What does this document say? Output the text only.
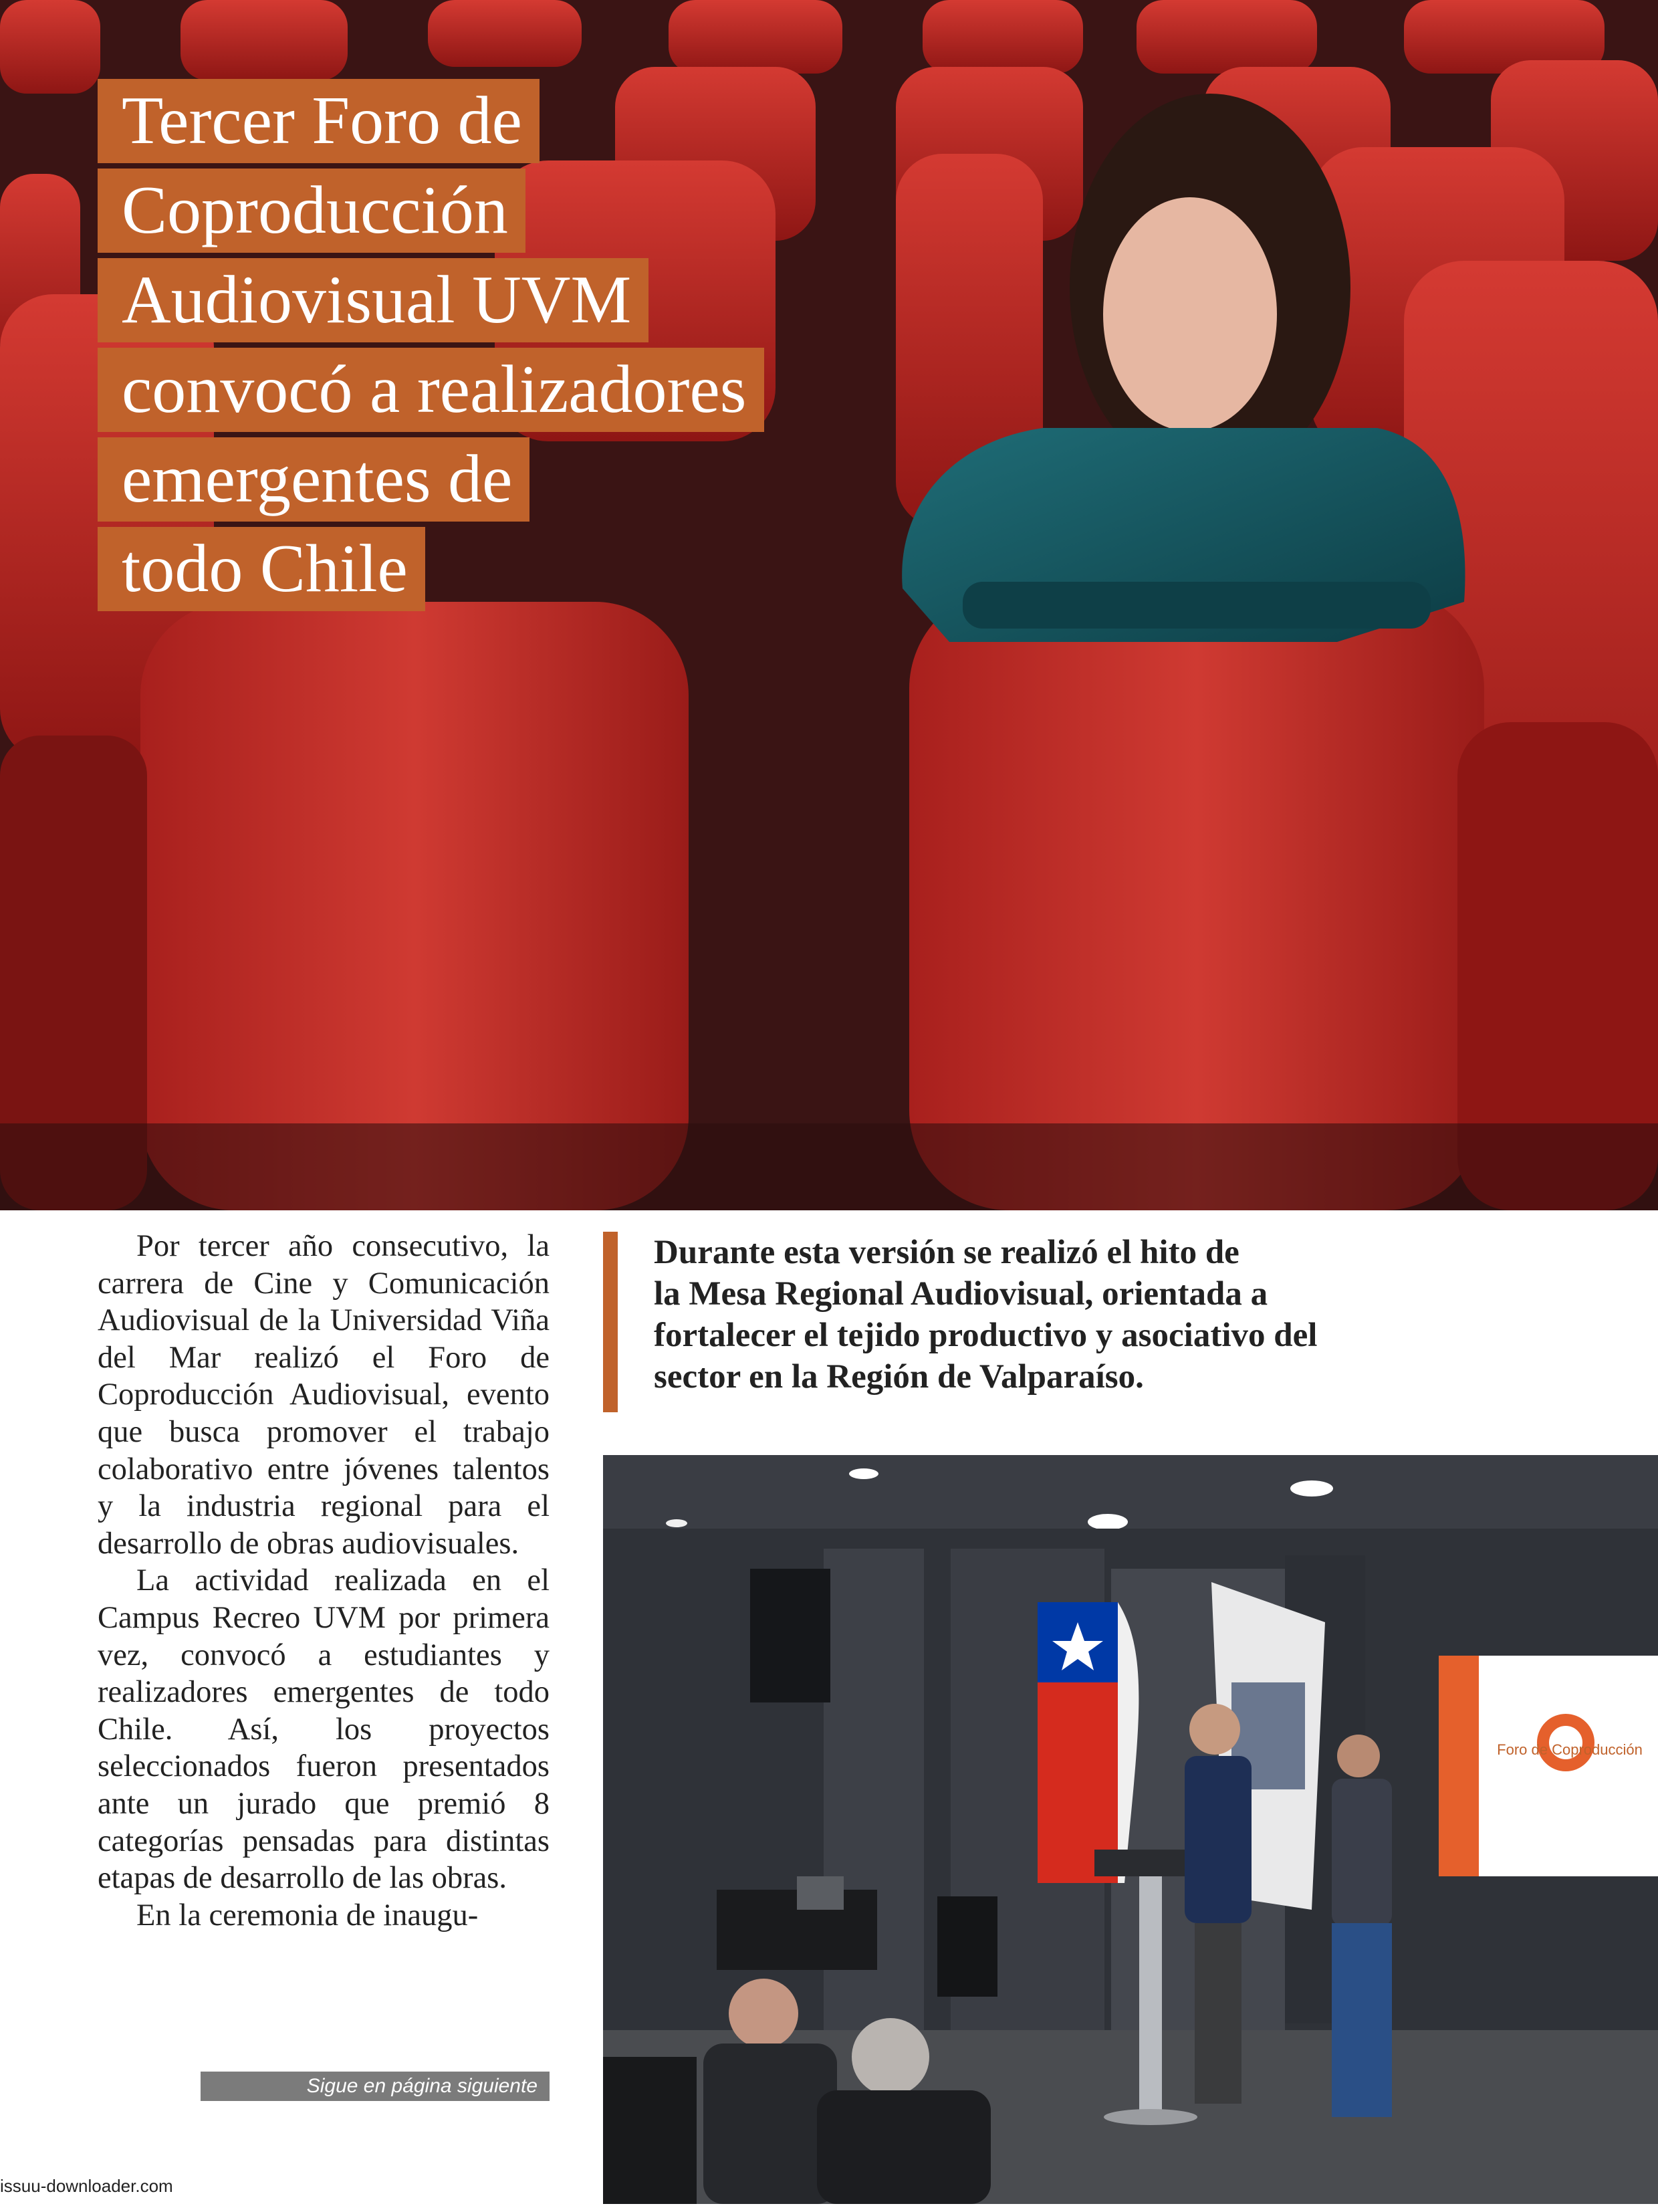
Tercer Foro de
Coproducción
Audiovisual UVM
convocó a realizadores
emergentes de
todo Chile

Por tercer año consecutivo, la carrera de Cine y Comunicación Audiovisual de la Universidad Viña del Mar realizó el Foro de Coproducción Audiovisual, evento que busca promover el trabajo colaborativo entre jóvenes talentos y la industria regional para el desarrollo de obras audiovisuales.

La actividad realizada en el Campus Recreo UVM por primera vez, convocó a estudiantes y realizadores emergentes de todo Chile. Así, los proyectos seleccionados fueron presentados ante un jurado que premió 8 categorías pensadas para distintas etapas de desarrollo de las obras.

En la ceremonia de inaugu-

Sigue en página siguiente
Durante esta versión se realizó el hito de
la Mesa Regional Audiovisual, orientada a
fortalecer el tejido productivo y asociativo del
sector en la Región de Valparaíso.
Foro de Coproducción
issuu-downloader.com
